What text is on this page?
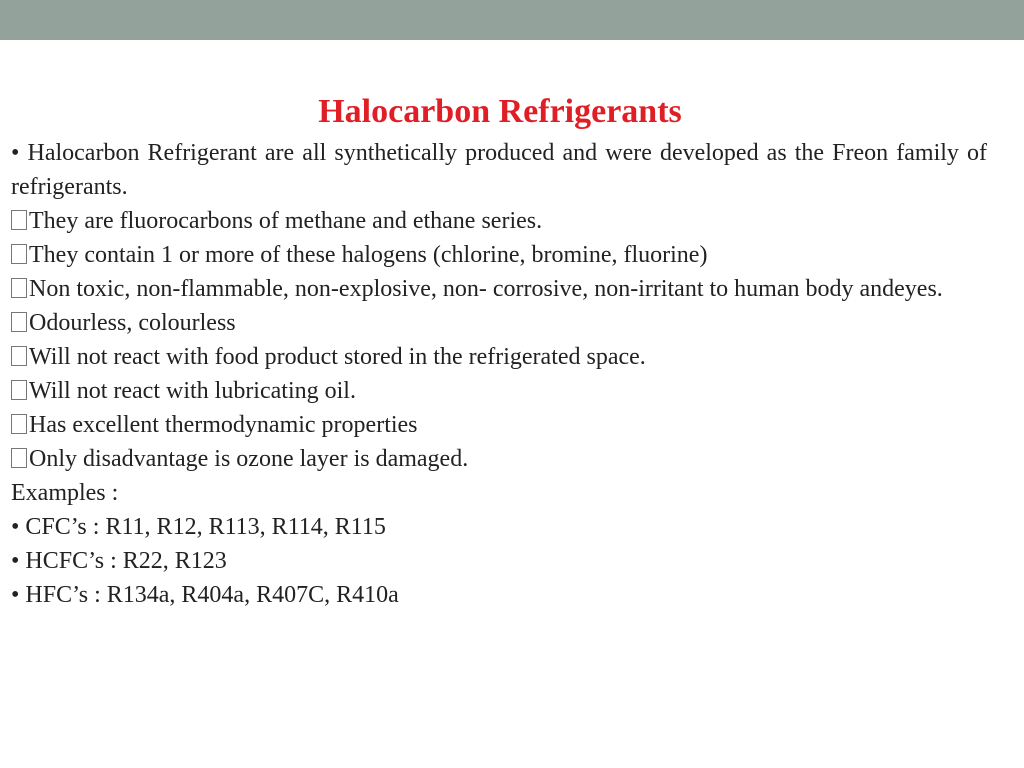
Halocarbon Refrigerants
• Halocarbon Refrigerant are all synthetically produced and were developed as the Freon family of refrigerants.
They are fluorocarbons of methane and ethane series.
They contain 1 or more of these halogens (chlorine, bromine, fluorine)
Non toxic, non-flammable, non-explosive, non- corrosive, non-irritant to human body andeyes.
Odourless, colourless
Will not react with food product stored in the refrigerated space.
Will not react with lubricating oil.
Has excellent thermodynamic properties
Only disadvantage is ozone layer is damaged.
Examples :
• CFC’s : R11, R12, R113, R114, R115
• HCFC’s : R22, R123
• HFC’s : R134a, R404a, R407C, R410a
